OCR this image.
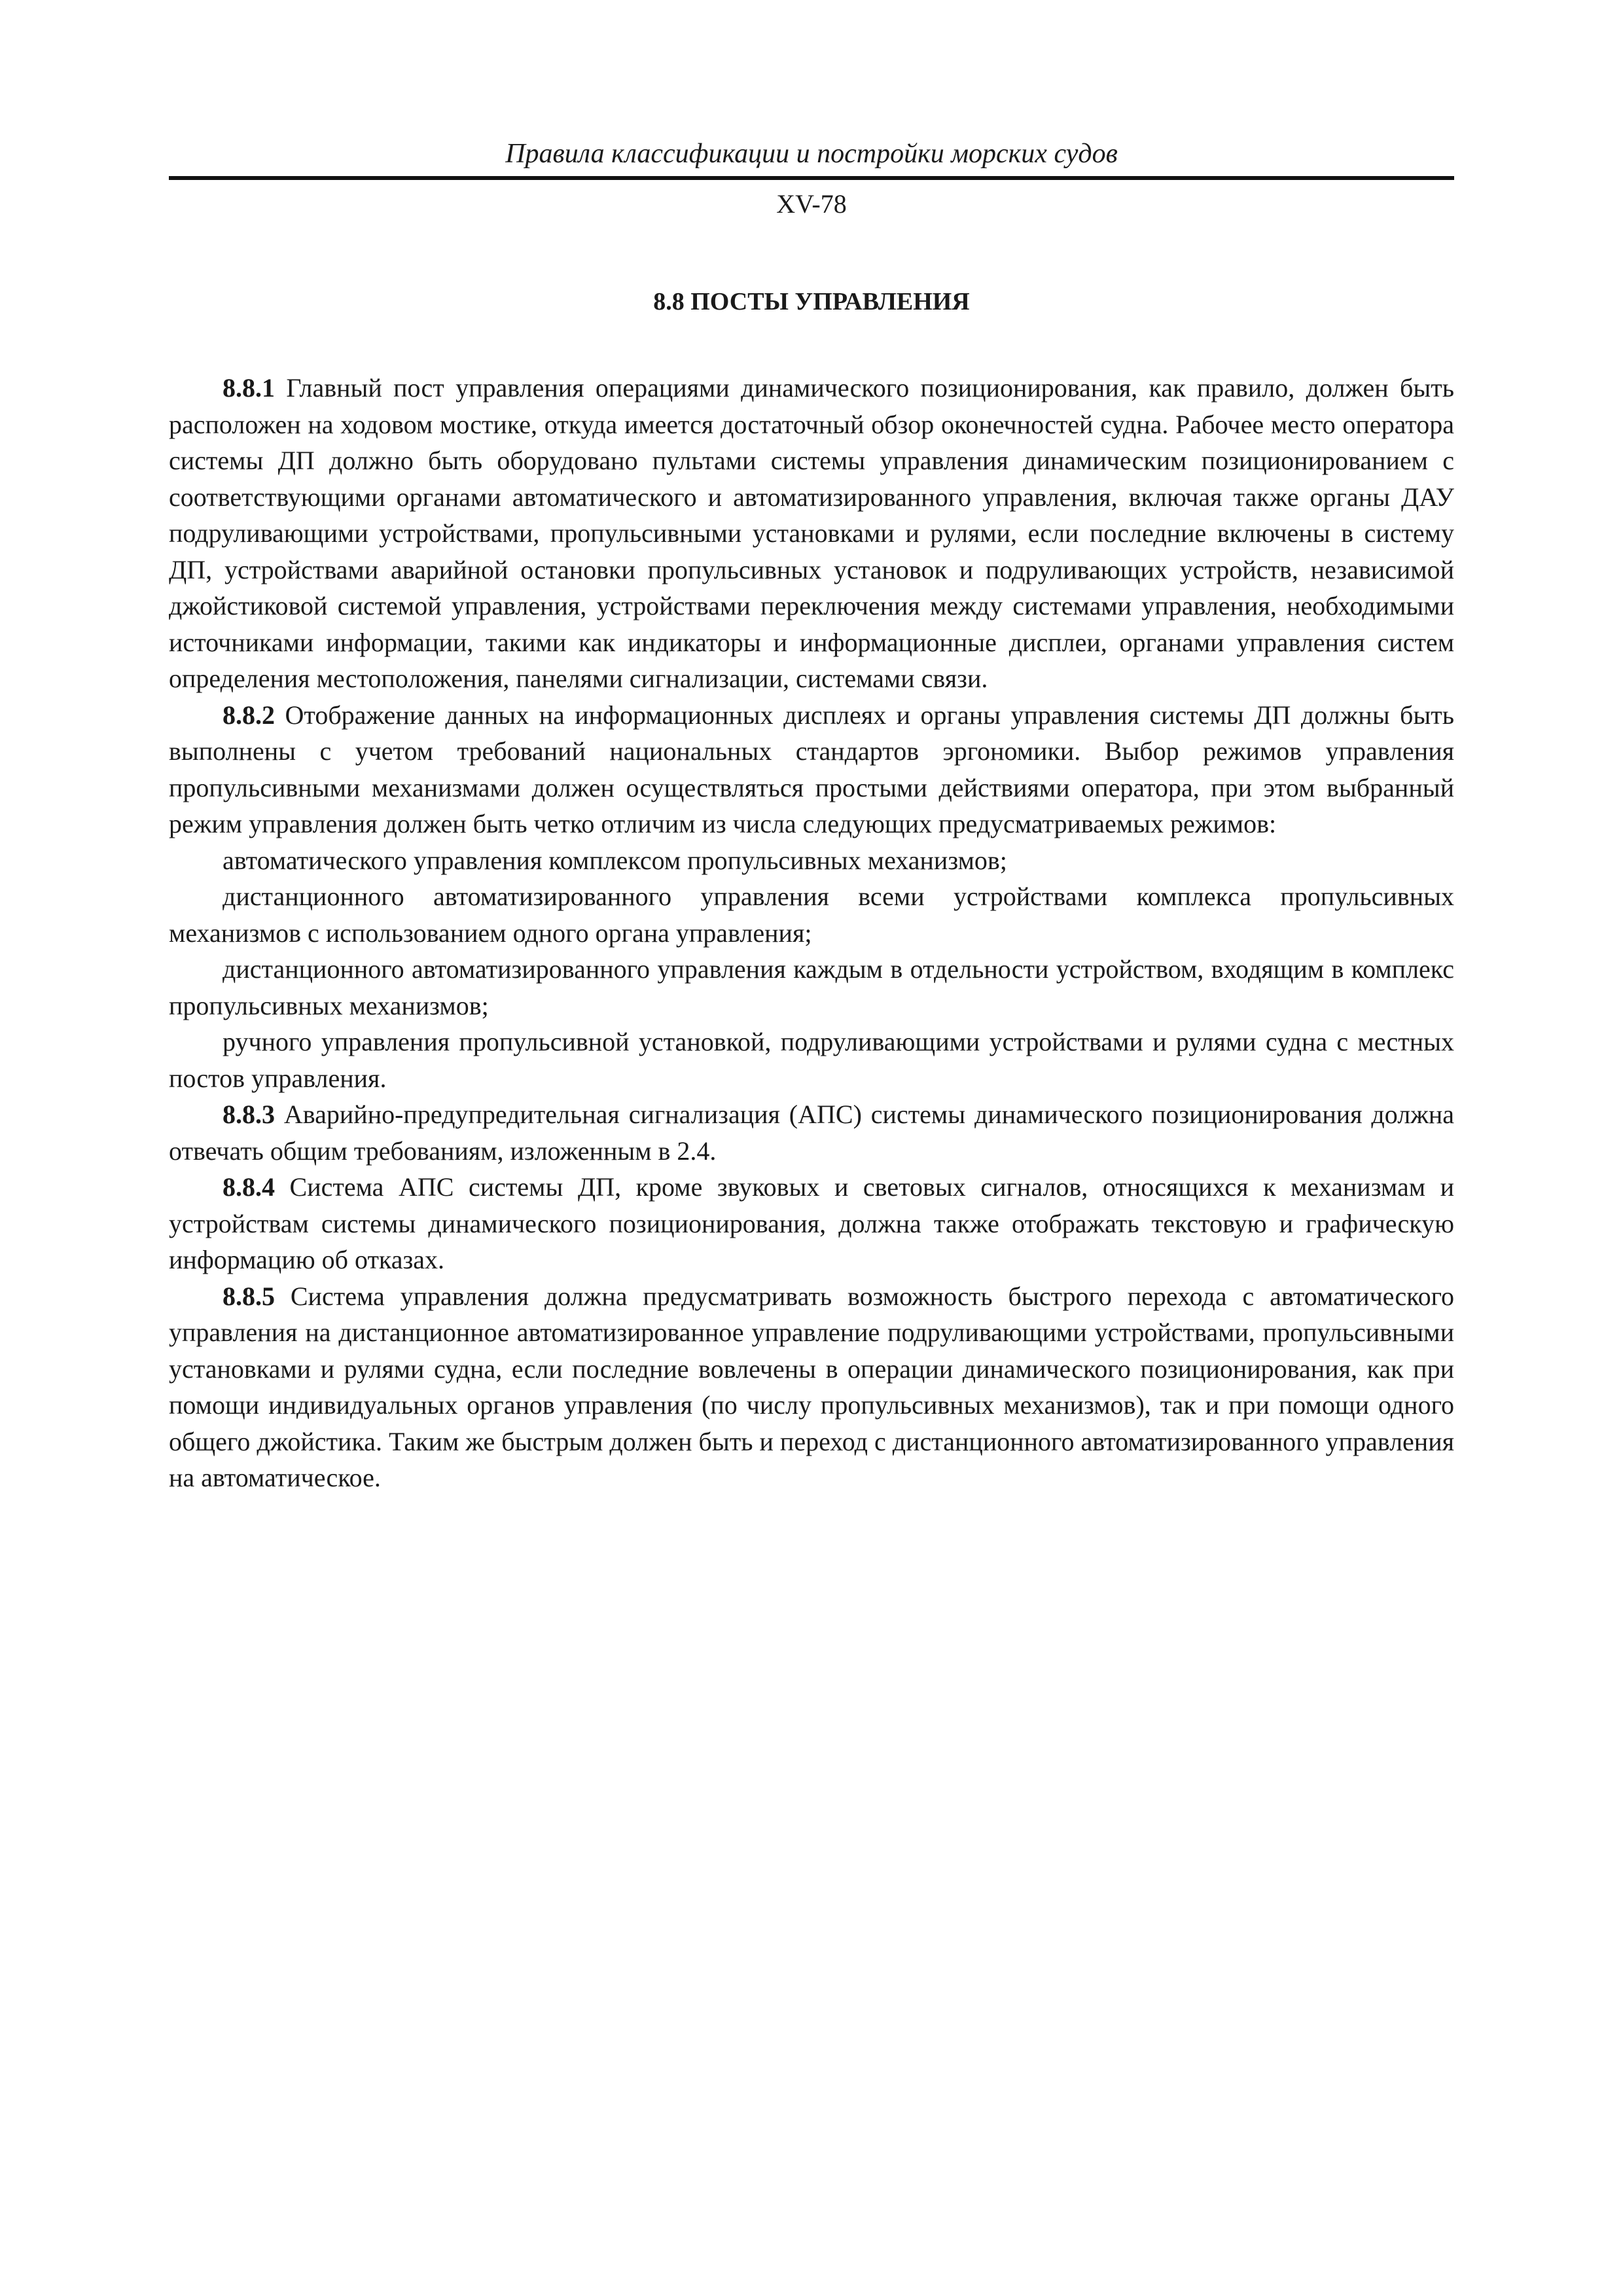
Правила классификации и постройки морских судов
XV-78
8.8 ПОСТЫ УПРАВЛЕНИЯ

8.8.1 Главный пост управления операциями динамического позиционирования, как правило, должен быть расположен на ходовом мостике, откуда имеется достаточный обзор оконечностей судна. Рабочее место оператора системы ДП должно быть оборудовано пультами системы управления динамическим позиционированием с соответствующими органами автоматического и автоматизированного управления, включая также органы ДАУ подруливающими устройствами, пропульсивными установками и рулями, если последние включены в систему ДП, устройствами аварийной остановки пропульсивных установок и подруливающих устройств, независимой джойстиковой системой управления, устройствами переключения между системами управления, необходимыми источниками информации, такими как индикаторы и информационные дисплеи, органами управления систем определения местоположения, панелями сигнализации, системами связи.

8.8.2 Отображение данных на информационных дисплеях и органы управления системы ДП должны быть выполнены с учетом требований национальных стандартов эргономики. Выбор режимов управления пропульсивными механизмами должен осуществляться простыми действиями оператора, при этом выбранный режим управления должен быть четко отличим из числа следующих предусматриваемых режимов:

автоматического управления комплексом пропульсивных механизмов;

дистанционного автоматизированного управления всеми устройствами комплекса пропульсивных механизмов с использованием одного органа управления;

дистанционного автоматизированного управления каждым в отдельности устройством, входящим в комплекс пропульсивных механизмов;

ручного управления пропульсивной установкой, подруливающими устройствами и рулями судна с местных постов управления.

8.8.3 Аварийно-предупредительная сигнализация (АПС) системы динамического позиционирования должна отвечать общим требованиям, изложенным в 2.4.

8.8.4 Система АПС системы ДП, кроме звуковых и световых сигналов, относящихся к механизмам и устройствам системы динамического позиционирования, должна также отображать текстовую и графическую информацию об отказах.

8.8.5 Система управления должна предусматривать возможность быстрого перехода с автоматического управления на дистанционное автоматизированное управление подруливающими устройствами, пропульсивными установками и рулями судна, если последние вовлечены в операции динамического позиционирования, как при помощи индивидуальных органов управления (по числу пропульсивных механизмов), так и при помощи одного общего джойстика. Таким же быстрым должен быть и переход с дистанционного автоматизированного управления на автоматическое.
